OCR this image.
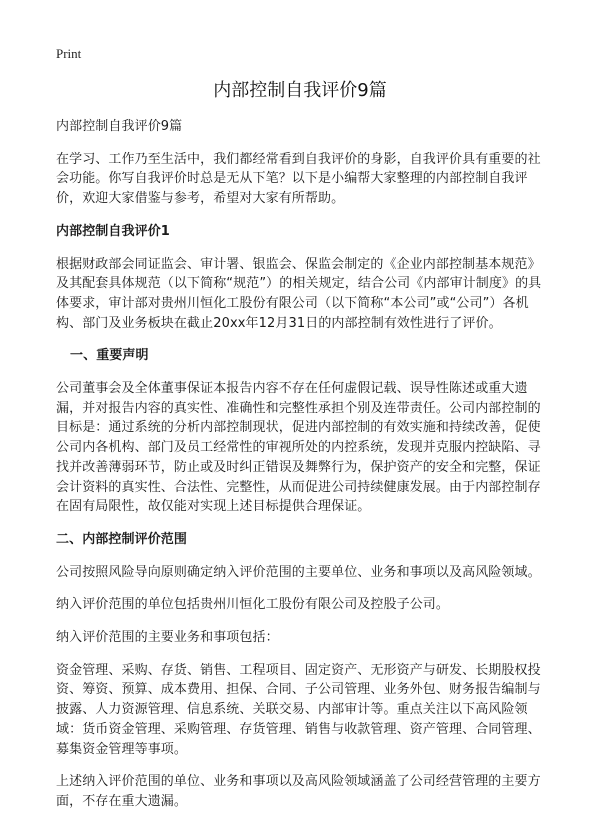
Print
内部控制自我评价9篇

内部控制自我评价9篇

在学习、工作乃至生活中，我们都经常看到自我评价的身影，自我评价具有重要的社会功能。你写自我评价时总是无从下笔？以下是小编帮大家整理的内部控制自我评价，欢迎大家借鉴与参考，希望对大家有所帮助。

内部控制自我评价1

根据财政部会同证监会、审计署、银监会、保监会制定的《企业内部控制基本规范》及其配套具体规范（以下简称“规范”）的相关规定，结合公司《内部审计制度》的具体要求，审计部对贵州川恒化工股份有限公司（以下简称“本公司”或“公司”）各机构、部门及业务板块在截止20xx年12月31日的内部控制有效性进行了评价。

一、重要声明

公司董事会及全体董事保证本报告内容不存在任何虚假记载、误导性陈述或重大遗漏，并对报告内容的真实性、准确性和完整性承担个别及连带责任。公司内部控制的目标是：通过系统的分析内部控制现状，促进内部控制的有效实施和持续改善，促使公司内各机构、部门及员工经常性的审视所处的内控系统，发现并克服内控缺陷、寻找并改善薄弱环节，防止或及时纠正错误及舞弊行为，保护资产的安全和完整，保证会计资料的真实性、合法性、完整性，从而促进公司持续健康发展。由于内部控制存在固有局限性，故仅能对实现上述目标提供合理保证。

二、内部控制评价范围

公司按照风险导向原则确定纳入评价范围的主要单位、业务和事项以及高风险领域。

纳入评价范围的单位包括贵州川恒化工股份有限公司及控股子公司。

纳入评价范围的主要业务和事项包括：

资金管理、采购、存货、销售、工程项目、固定资产、无形资产与研发、长期股权投资、筹资、预算、成本费用、担保、合同、子公司管理、业务外包、财务报告编制与披露、人力资源管理、信息系统、关联交易、内部审计等。重点关注以下高风险领域：货币资金管理、采购管理、存货管理、销售与收款管理、资产管理、合同管理、募集资金管理等事项。

上述纳入评价范围的单位、业务和事项以及高风险领域涵盖了公司经营管理的主要方面，不存在重大遗漏。
